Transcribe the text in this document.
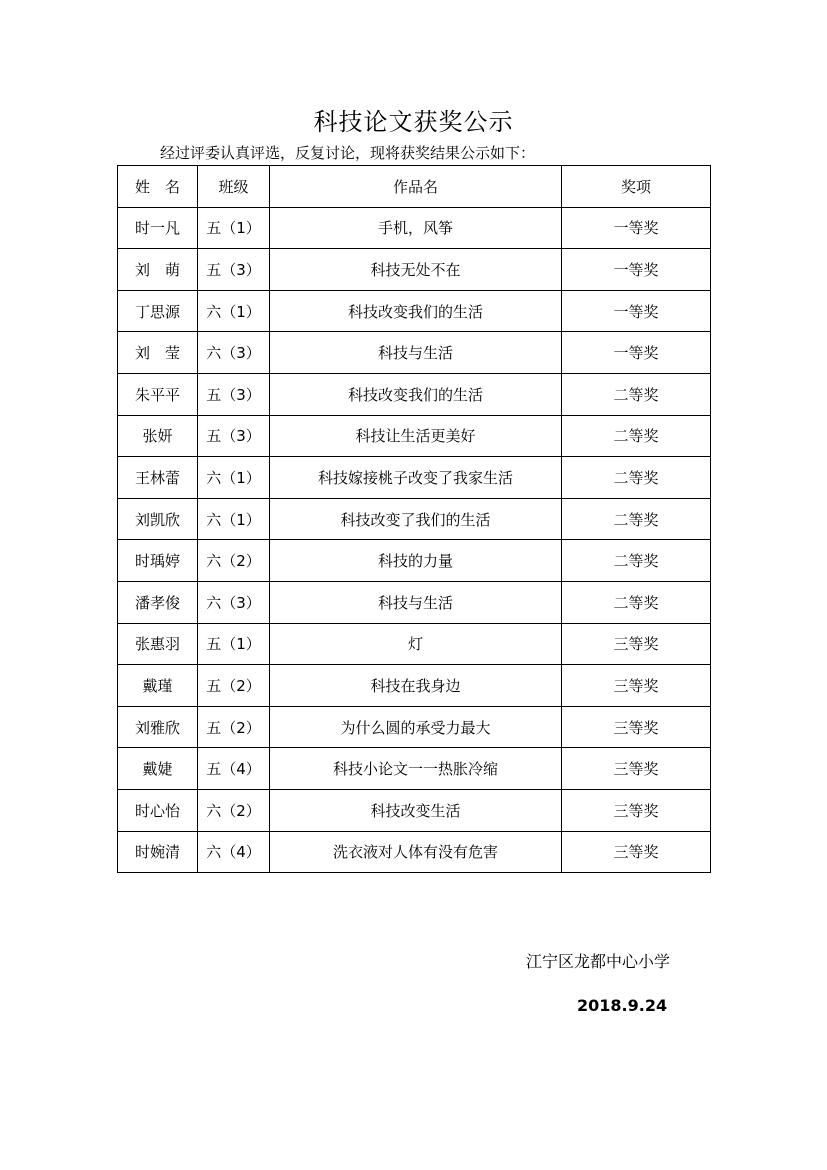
科技论文获奖公示
经过评委认真评选，反复讨论，现将获奖结果公示如下：
姓　名	班级	作品名	奖项
时一凡	五（1）	手机，风筝	一等奖
刘　萌	五（3）	科技无处不在	一等奖
丁思源	六（1）	科技改变我们的生活	一等奖
刘　莹	六（3）	科技与生活	一等奖
朱平平	五（3）	科技改变我们的生活	二等奖
张妍	五（3）	科技让生活更美好	二等奖
王林蕾	六（1）	科技嫁接桃子改变了我家生活	二等奖
刘凯欣	六（1）	科技改变了我们的生活	二等奖
时瑀婷	六（2）	科技的力量	二等奖
潘孝俊	六（3）	科技与生活	二等奖
张惠羽	五（1）	灯	三等奖
戴瑾	五（2）	科技在我身边	三等奖
刘雅欣	五（2）	为什么圆的承受力最大	三等奖
戴婕	五（4）	科技小论文一一热胀冷缩	三等奖
时心怡	六（2）	科技改变生活	三等奖
时婉清	六（4）	洗衣液对人体有没有危害	三等奖
江宁区龙都中心小学
2018.9.24
